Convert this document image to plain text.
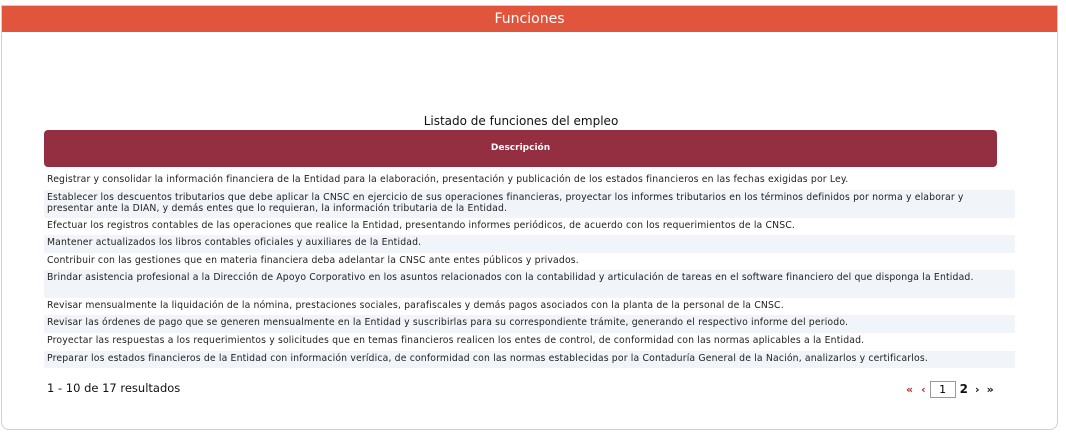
Funciones
Listado de funciones del empleo
Descripción
Registrar y consolidar la información financiera de la Entidad para la elaboración, presentación y publicación de los estados financieros en las fechas exigidas por Ley.
Establecer los descuentos tributarios que debe aplicar la CNSC en ejercicio de sus operaciones financieras, proyectar los informes tributarios en los términos definidos por norma y elaborar y presentar ante la DIAN, y demás entes que lo requieran, la información tributaria de la Entidad.
Efectuar los registros contables de las operaciones que realice la Entidad, presentando informes periódicos, de acuerdo con los requerimientos de la CNSC.
Mantener actualizados los libros contables oficiales y auxiliares de la Entidad.
Contribuir con las gestiones que en materia financiera deba adelantar la CNSC ante entes públicos y privados.
Brindar asistencia profesional a la Dirección de Apoyo Corporativo en los asuntos relacionados con la contabilidad y articulación de tareas en el software financiero del que disponga la Entidad.
Revisar mensualmente la liquidación de la nómina, prestaciones sociales, parafiscales y demás pagos asociados con la planta de la personal de la CNSC.
Revisar las órdenes de pago que se generen mensualmente en la Entidad y suscribirlas para su correspondiente trámite, generando el respectivo informe del periodo.
Proyectar las respuestas a los requerimientos y solicitudes que en temas financieros realicen los entes de control, de conformidad con las normas aplicables a la Entidad.
Preparar los estados financieros de la Entidad con información verídica, de conformidad con las normas establecidas por la Contaduría General de la Nación, analizarlos y certificarlos.
1 - 10 de 17 resultados	« ‹
1	2 › »
